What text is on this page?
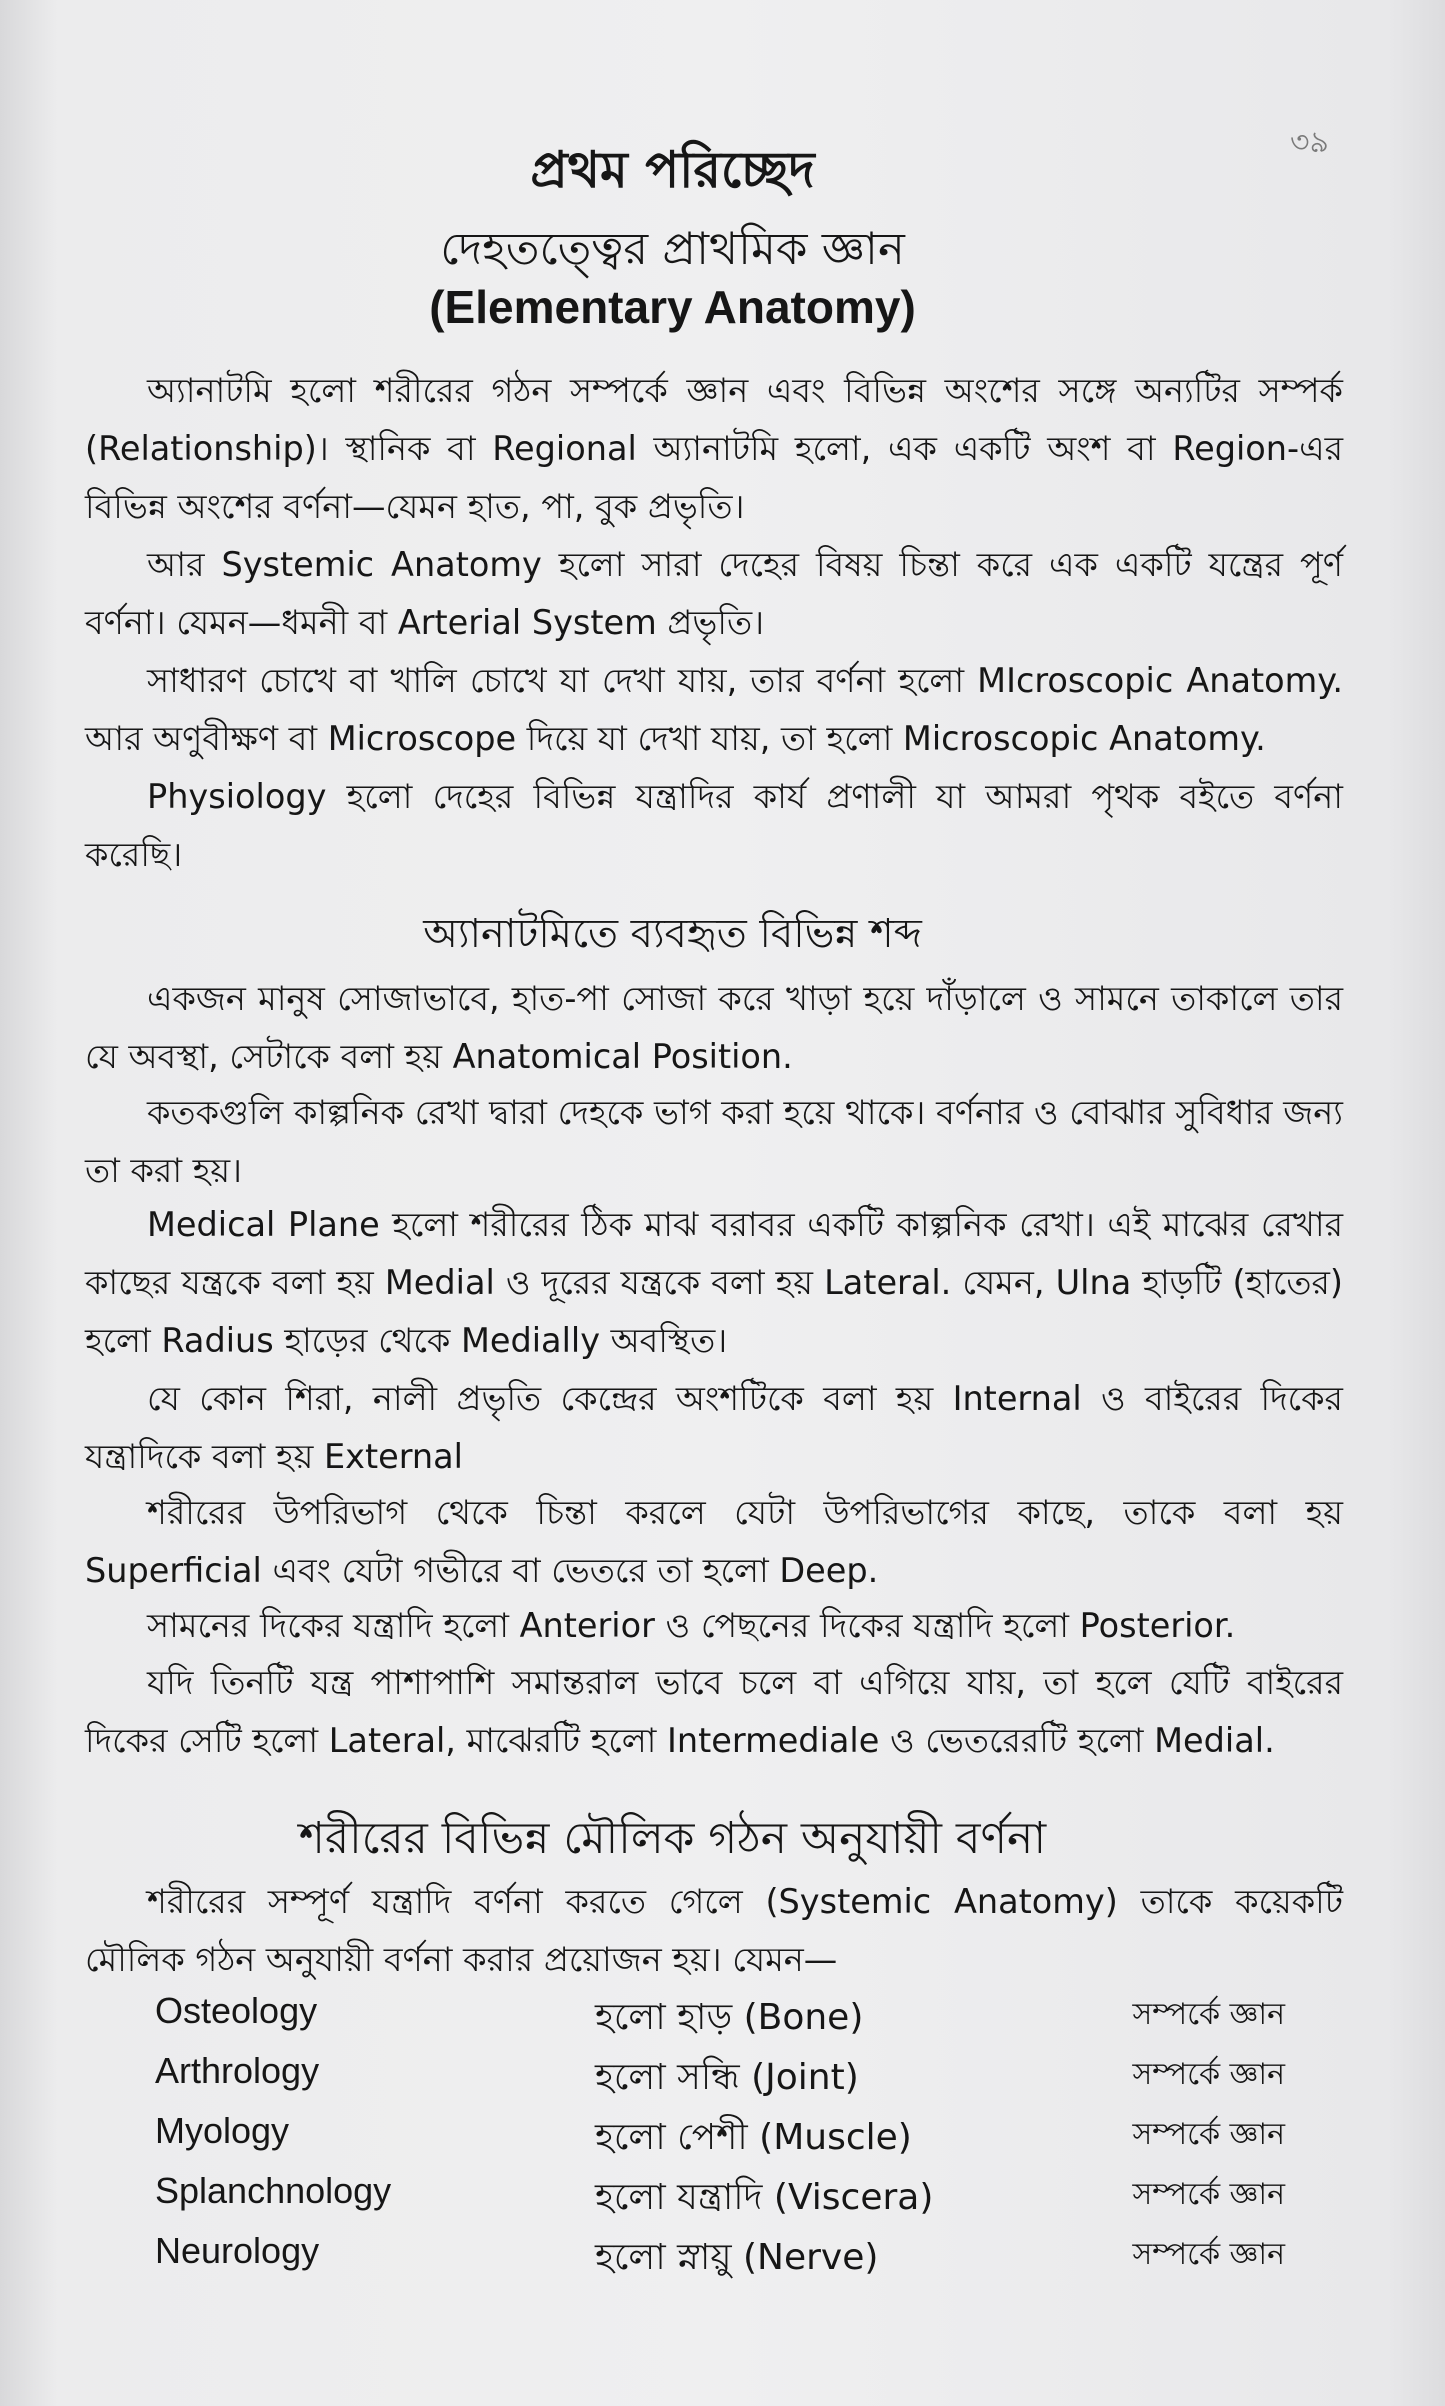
৩৯
প্রথম পরিচ্ছেদ
দেহতত্ত্বের প্রাথমিক জ্ঞান
(Elementary Anatomy)
অ্যানাটমি হলো শরীরের গঠন সম্পর্কে জ্ঞান এবং বিভিন্ন অংশের সঙ্গে অন্যটির সম্পর্ক (Relationship)। স্থানিক বা Regional অ্যানাটমি হলো, এক একটি অংশ বা Region-এর বিভিন্ন অংশের বর্ণনা—যেমন হাত, পা, বুক প্রভৃতি।
আর Systemic Anatomy হলো সারা দেহের বিষয় চিন্তা করে এক একটি যন্ত্রের পূর্ণ বর্ণনা। যেমন—ধমনী বা Arterial System প্রভৃতি।
সাধারণ চোখে বা খালি চোখে যা দেখা যায়, তার বর্ণনা হলো MIcroscopic Anatomy. আর অণুবীক্ষণ বা Microscope দিয়ে যা দেখা যায়, তা হলো Microscopic Anatomy.
Physiology হলো দেহের বিভিন্ন যন্ত্রাদির কার্য প্রণালী যা আমরা পৃথক বইতে বর্ণনা করেছি।
অ্যানাটমিতে ব্যবহৃত বিভিন্ন শব্দ
একজন মানুষ সোজাভাবে, হাত-পা সোজা করে খাড়া হয়ে দাঁড়ালে ও সামনে তাকালে তার যে অবস্থা, সেটাকে বলা হয় Anatomical Position.
কতকগুলি কাল্পনিক রেখা দ্বারা দেহকে ভাগ করা হয়ে থাকে। বর্ণনার ও বোঝার সুবিধার জন্য তা করা হয়।
Medical Plane হলো শরীরের ঠিক মাঝ বরাবর একটি কাল্পনিক রেখা। এই মাঝের রেখার কাছের যন্ত্রকে বলা হয় Medial ও দূরের যন্ত্রকে বলা হয় Lateral. যেমন, Ulna হাড়টি (হাতের) হলো Radius হাড়ের থেকে Medially অবস্থিত।
যে কোন শিরা, নালী প্রভৃতি কেন্দ্রের অংশটিকে বলা হয় Internal ও বাইরের দিকের যন্ত্রাদিকে বলা হয় External
শরীরের উপরিভাগ থেকে চিন্তা করলে যেটা উপরিভাগের কাছে, তাকে বলা হয় Superficial এবং যেটা গভীরে বা ভেতরে তা হলো Deep.
সামনের দিকের যন্ত্রাদি হলো Anterior ও পেছনের দিকের যন্ত্রাদি হলো Posterior.
যদি তিনটি যন্ত্র পাশাপাশি সমান্তরাল ভাবে চলে বা এগিয়ে যায়, তা হলে যেটি বাইরের দিকের সেটি হলো Lateral, মাঝেরটি হলো Intermediale ও ভেতরেরটি হলো Medial.
শরীরের বিভিন্ন মৌলিক গঠন অনুযায়ী বর্ণনা
শরীরের সম্পূর্ণ যন্ত্রাদি বর্ণনা করতে গেলে (Systemic Anatomy) তাকে কয়েকটি মৌলিক গঠন অনুযায়ী বর্ণনা করার প্রয়োজন হয়। যেমন—
Osteology	হলো হাড় (Bone)	সম্পর্কে জ্ঞান
Arthrology	হলো সন্ধি (Joint)	সম্পর্কে জ্ঞান
Myology	হলো পেশী (Muscle)	সম্পর্কে জ্ঞান
Splanchnology	হলো যন্ত্রাদি (Viscera)	সম্পর্কে জ্ঞান
Neurology	হলো স্নায়ু (Nerve)	সম্পর্কে জ্ঞান
